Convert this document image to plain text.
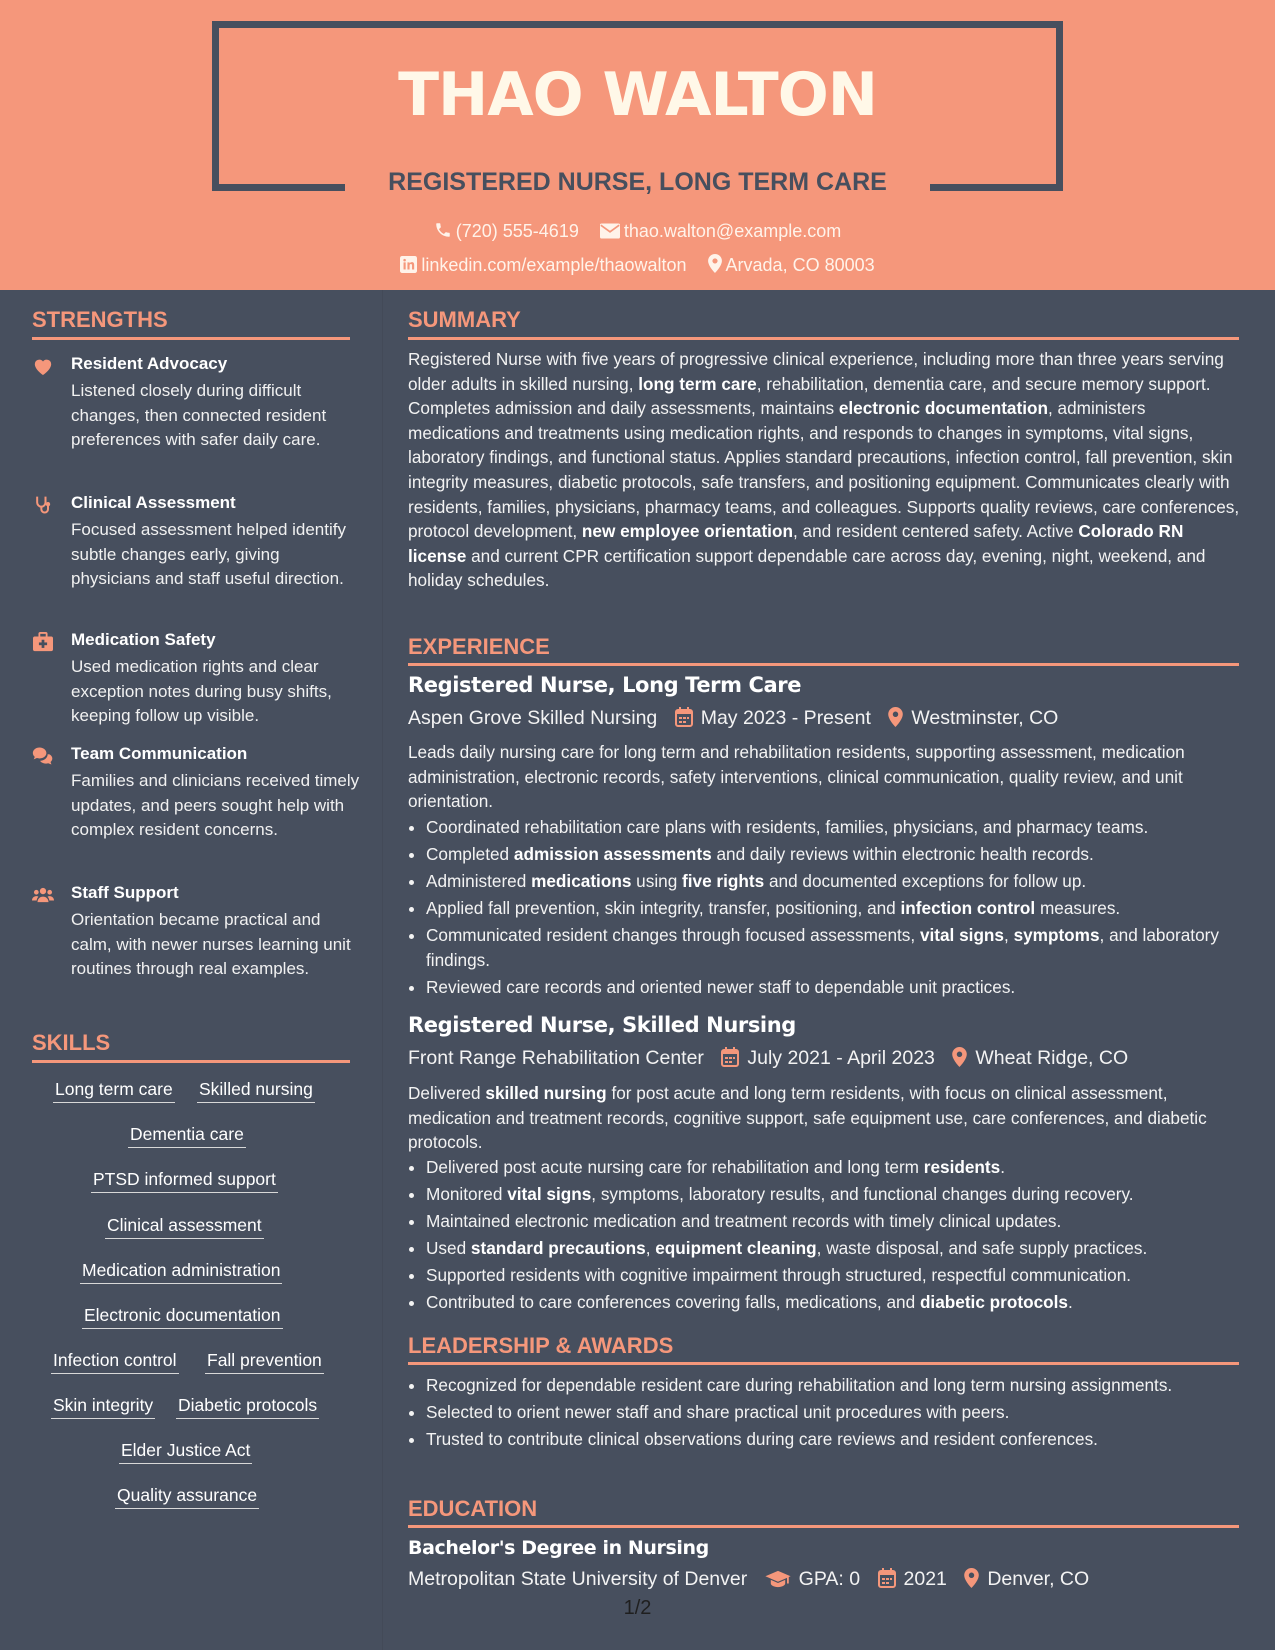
THAO WALTON
REGISTERED NURSE, LONG TERM CARE
(720) 555-4619	thao.walton@example.com
linkedin.com/example/thaowalton Arvada, CO 80003
STRENGTHS
Resident Advocacy
Listened closely during difficult changes, then connected resident preferences with safer daily care.
Clinical Assessment
Focused assessment helped identify subtle changes early, giving physicians and staff useful direction.
Medication Safety
Used medication rights and clear exception notes during busy shifts, keeping follow up visible.
Team Communication
Families and clinicians received timely updates, and peers sought help with complex resident concerns.
Staff Support
Orientation became practical and calm, with newer nurses learning unit routines through real examples.
SKILLS
Long term care Skilled nursing
Dementia care
PTSD informed support
Clinical assessment
Medication administration
Electronic documentation
Infection control Fall prevention
Skin integrity Diabetic protocols
Elder Justice Act
Quality assurance
SUMMARY
Registered Nurse with five years of progressive clinical experience, including more than three years serving older adults in skilled nursing, long term care, rehabilitation, dementia care, and secure memory support. Completes admission and daily assessments, maintains electronic documentation, administers medications and treatments using medication rights, and responds to changes in symptoms, vital signs, laboratory findings, and functional status. Applies standard precautions, infection control, fall prevention, skin integrity measures, diabetic protocols, safe transfers, and positioning equipment. Communicates clearly with residents, families, physicians, pharmacy teams, and colleagues. Supports quality reviews, care conferences, protocol development, new employee orientation, and resident centered safety. Active Colorado RN license and current CPR certification support dependable care across day, evening, night, weekend, and holiday schedules.
EXPERIENCE
Registered Nurse, Long Term Care
Aspen Grove Skilled Nursing May 2023 - Present Westminster, CO
Leads daily nursing care for long term and rehabilitation residents, supporting assessment, medication administration, electronic records, safety interventions, clinical communication, quality review, and unit orientation.
• Coordinated rehabilitation care plans with residents, families, physicians, and pharmacy teams.
• Completed admission assessments and daily reviews within electronic health records.
• Administered medications using five rights and documented exceptions for follow up.
• Applied fall prevention, skin integrity, transfer, positioning, and infection control measures.
• Communicated resident changes through focused assessments, vital signs, symptoms, and laboratory findings.
• Reviewed care records and oriented newer staff to dependable unit practices.
Registered Nurse, Skilled Nursing
Front Range Rehabilitation Center July 2021 - April 2023 Wheat Ridge, CO
Delivered skilled nursing for post acute and long term residents, with focus on clinical assessment, medication and treatment records, cognitive support, safe equipment use, care conferences, and diabetic protocols.
• Delivered post acute nursing care for rehabilitation and long term residents.
• Monitored vital signs, symptoms, laboratory results, and functional changes during recovery.
• Maintained electronic medication and treatment records with timely clinical updates.
• Used standard precautions, equipment cleaning, waste disposal, and safe supply practices.
• Supported residents with cognitive impairment through structured, respectful communication.
• Contributed to care conferences covering falls, medications, and diabetic protocols.
LEADERSHIP & AWARDS
• Recognized for dependable resident care during rehabilitation and long term nursing assignments.
• Selected to orient newer staff and share practical unit procedures with peers.
• Trusted to contribute clinical observations during care reviews and resident conferences.
EDUCATION
Bachelor's Degree in Nursing
Metropolitan State University of Denver	GPA: 0 2021 Denver, CO
1/2
